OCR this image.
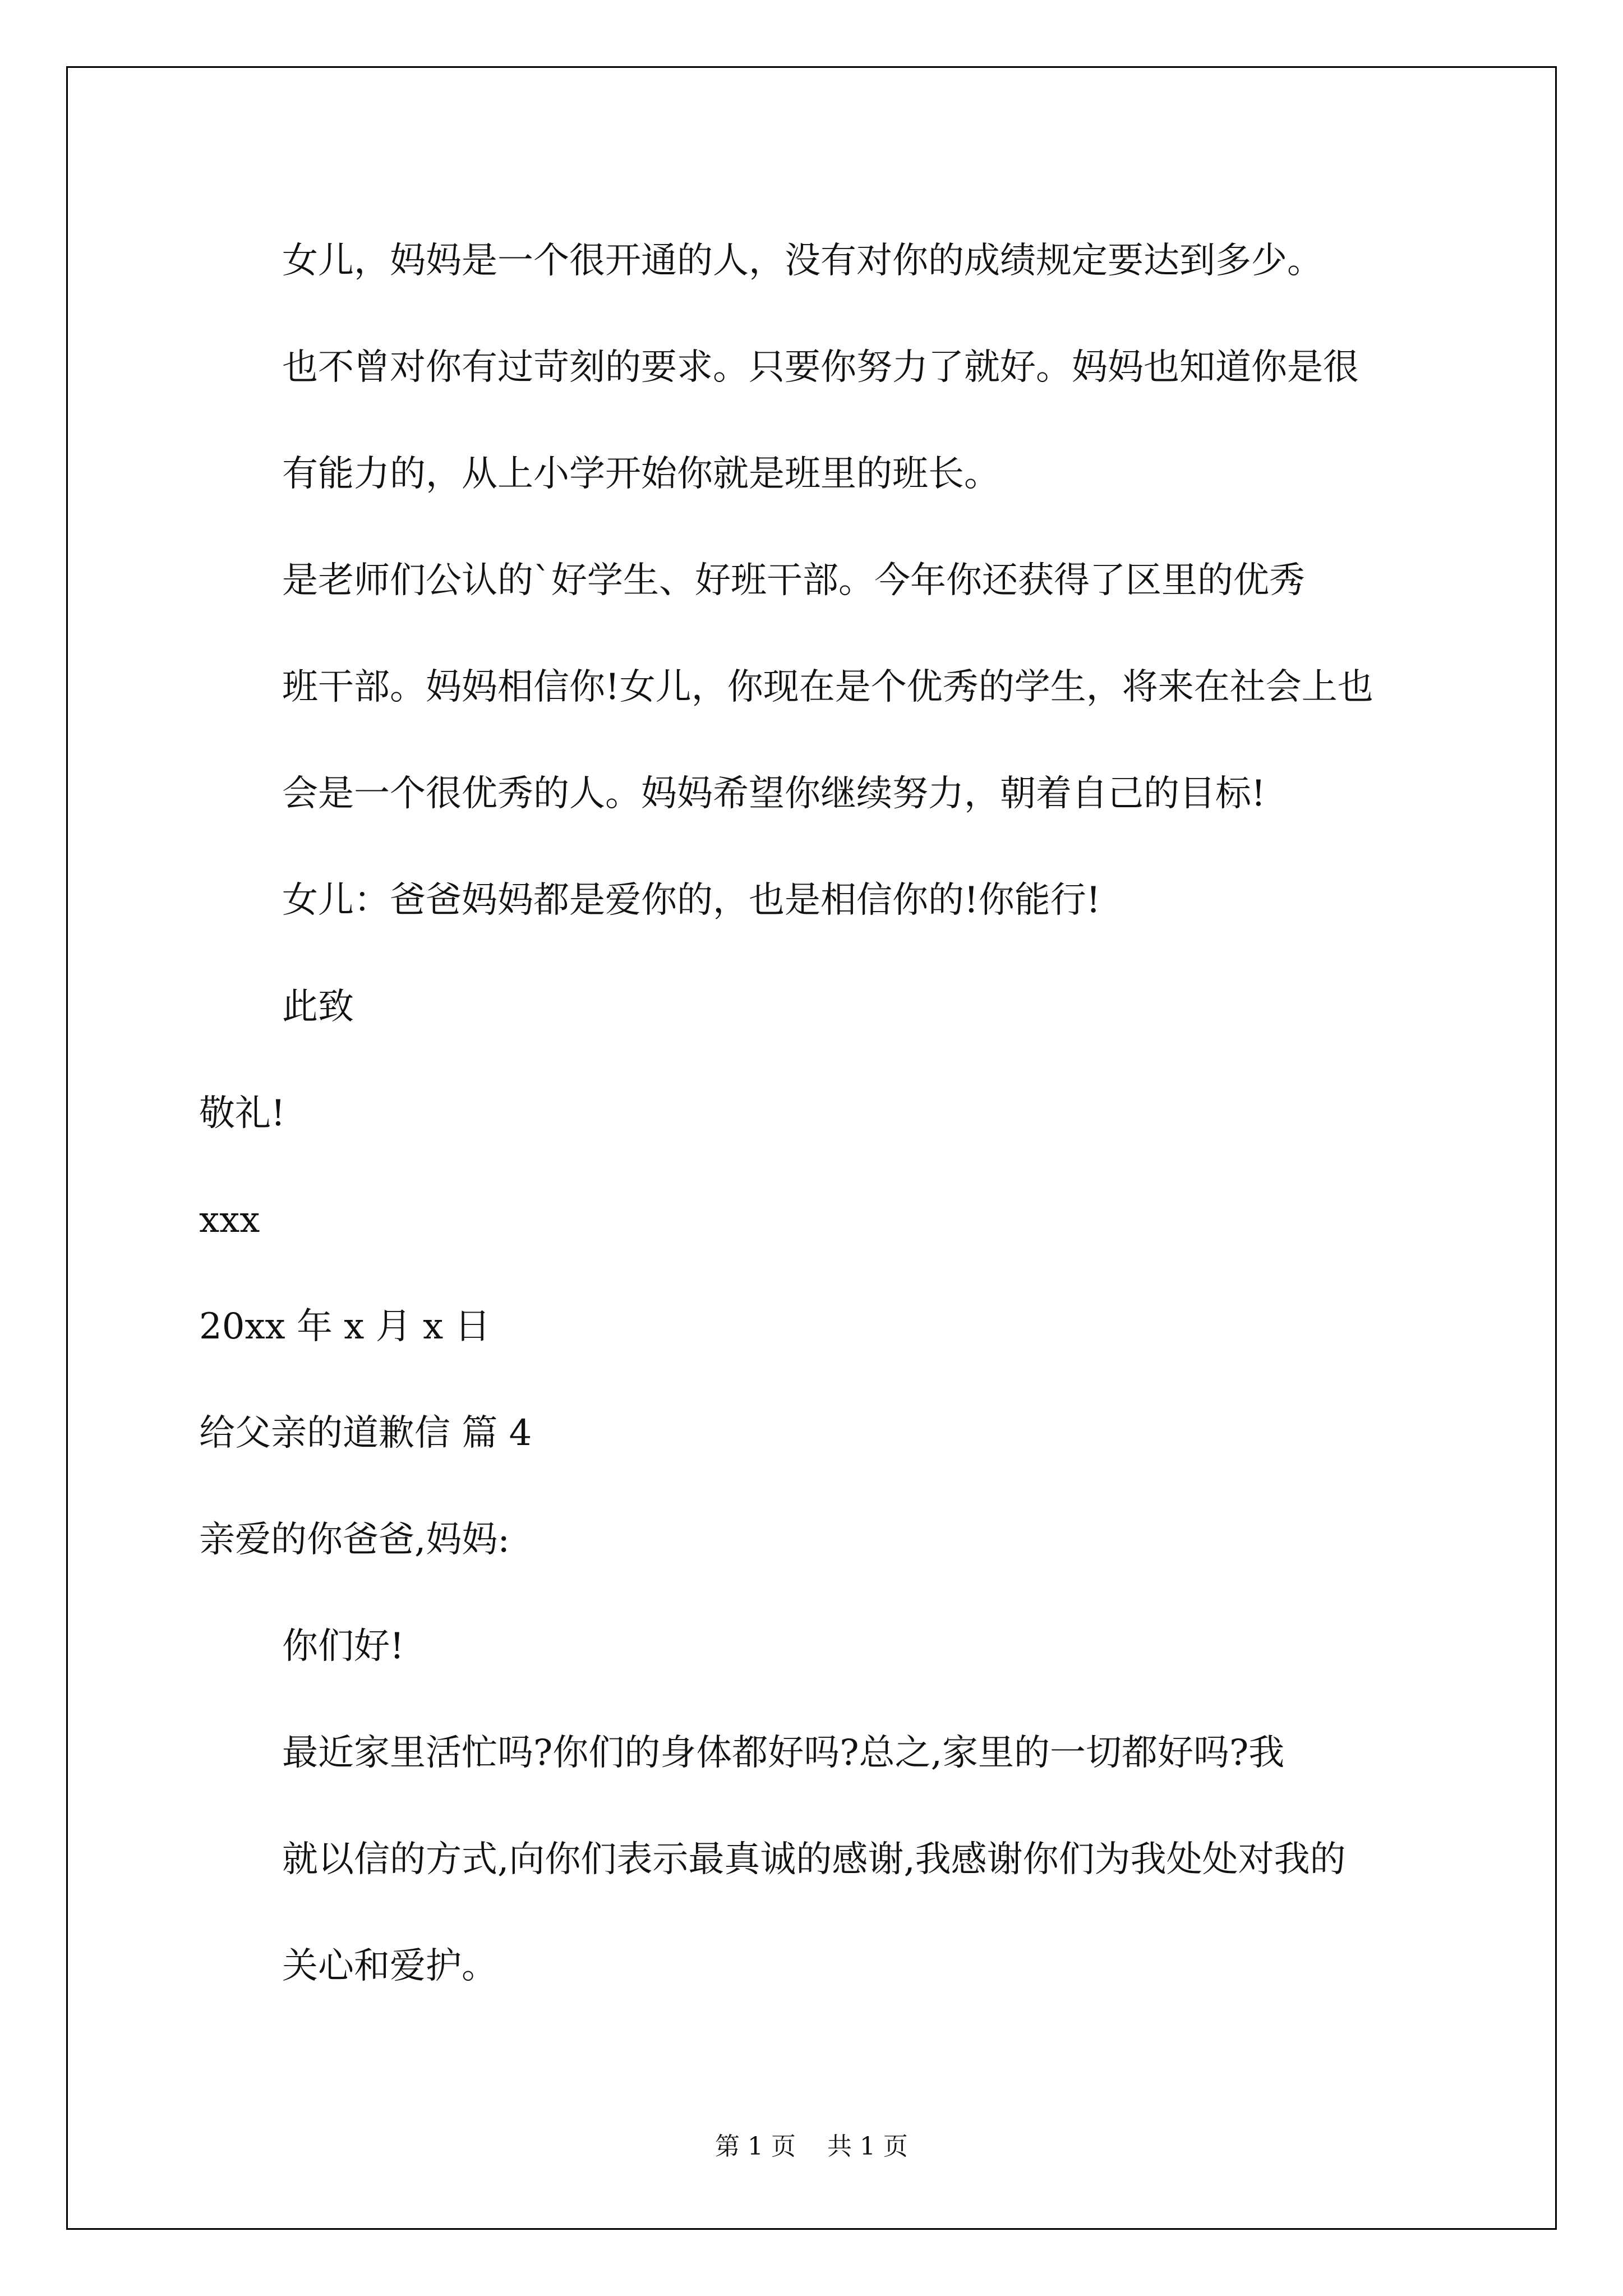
女儿，妈妈是一个很开通的人，没有对你的成绩规定要达到多少。
也不曾对你有过苛刻的要求。只要你努力了就好。妈妈也知道你是很
有能力的，从上小学开始你就是班里的班长。
是老师们公认的`好学生、好班干部。今年你还获得了区里的优秀
班干部。妈妈相信你!女儿，你现在是个优秀的学生，将来在社会上也
会是一个很优秀的人。妈妈希望你继续努力，朝着自己的目标!
女儿：爸爸妈妈都是爱你的，也是相信你的!你能行!
此致
敬礼!
xxx
20xx 年 x 月 x 日
给父亲的道歉信 篇 4
亲爱的你爸爸,妈妈:
你们好!
最近家里活忙吗?你们的身体都好吗?总之,家里的一切都好吗?我
就以信的方式,向你们表示最真诚的感谢,我感谢你们为我处处对我的
关心和爱护。
第 1 页    共 1 页
